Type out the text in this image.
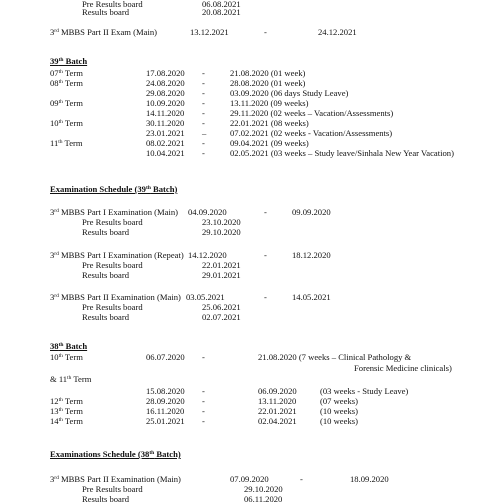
Pre Results board	06.08.2021
Results board	20.08.2021
3rd MBBS Part II Exam (Main)	13.12.2021	-	24.12.2021
39th Batch
07th Term	17.08.2020 -	21.08.2020 (01 week)
08th Term	24.08.2020 -	28.08.2020 (01 week)
29.08.2020 -	03.09.2020 (06 days Study Leave)
09th Term	10.09.2020 -	13.11.2020 (09 weeks)
14.11.2020 -	29.11.2020 (02 weeks – Vacation/Assessments)
10th Term	30.11.2020 -	22.01.2021 (08 weeks)
23.01.2021 –	07.02.2021 (02 weeks - Vacation/Assessments)
11th Term	08.02.2021 -	09.04.2021 (09 weeks)
10.04.2021 -	02.05.2021 (03 weeks – Study leave/Sinhala New Year Vacation)
Examination Schedule (39th Batch)
3rd MBBS Part I Examination (Main) 04.09.2020	-	09.09.2020
Pre Results board	23.10.2020
Results board	29.10.2020
3rd MBBS Part I Examination (Repeat) 14.12.2020	-	18.12.2020
Pre Results board	22.01.2021
Results board	29.01.2021
3rd MBBS Part II Examination (Main) 03.05.2021	-	14.05.2021
Pre Results board	25.06.2021
Results board	02.07.2021
38th Batch
10th Term	06.07.2020 -	21.08.2020 (7 weeks – Clinical Pathology &
Forensic Medicine clinicals)
& 11th Term
15.08.2020 -	06.09.2020	(03 weeks - Study Leave)
12th Term	28.09.2020 -	13.11.2020	(07 weeks)
13th Term	16.11.2020 -	22.01.2021	(10 weeks)
14th Term	25.01.2021 -	02.04.2021	(10 weeks)
Examinations Schedule (38th Batch)
3rd MBBS Part II Examination (Main)	07.09.2020	-	18.09.2020
Pre Results board	29.10.2020
Results board	06.11.2020
